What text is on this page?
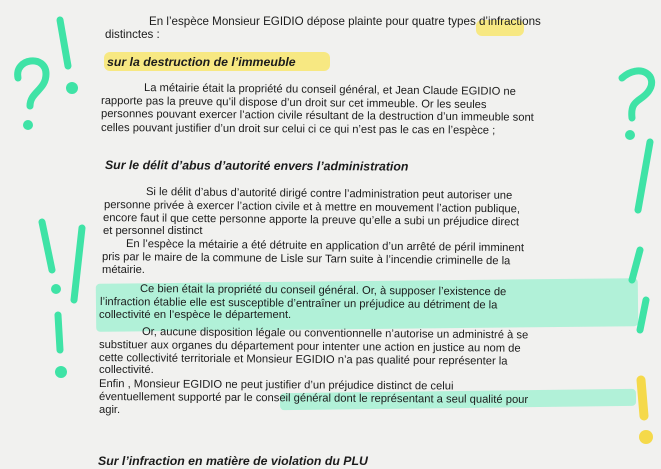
En l’espèce Monsieur EGIDIO dépose plainte pour quatre types d’infractions
distinctes :
sur la destruction de l’immeuble
La métairie était la propriété du conseil général, et Jean Claude EGIDIO ne
rapporte pas la preuve qu’il dispose d’un droit sur cet immeuble. Or les seules
personnes pouvant exercer l’action civile résultant de la destruction d’un immeuble sont
celles pouvant justifier d’un droit sur celui ci ce qui n’est pas le cas en l’espèce ;
Sur le délit d’abus d’autorité envers l’administration
Si le délit d’abus d’autorité dirigé contre l’administration peut autoriser une
personne privée à exercer l’action civile et à mettre en mouvement l’action publique,
encore faut il que cette personne apporte la preuve qu’elle a subi un préjudice direct
et personnel distinct
En l’espèce la métairie a été détruite en application d’un arrêté de péril imminent
pris par le maire de la commune de Lisle sur Tarn suite à l’incendie criminelle de la
métairie.
Ce bien était la propriété du conseil général. Or, à supposer l’existence de
l’infraction établie elle est susceptible d’entraîner un préjudice au détriment de la
collectivité en l’espèce le département.
Or, aucune disposition légale ou conventionnelle n’autorise un administré à se
substituer aux organes du département pour intenter une action en justice au nom de
cette collectivité territoriale et Monsieur EGIDIO n’a pas qualité pour représenter la
collectivité.
Enfin , Monsieur EGIDIO ne peut justifier d’un préjudice distinct de celui
éventuellement supporté par le conseil général dont le représentant a seul qualité pour
agir.
Sur l’infraction en matière de violation du PLU
